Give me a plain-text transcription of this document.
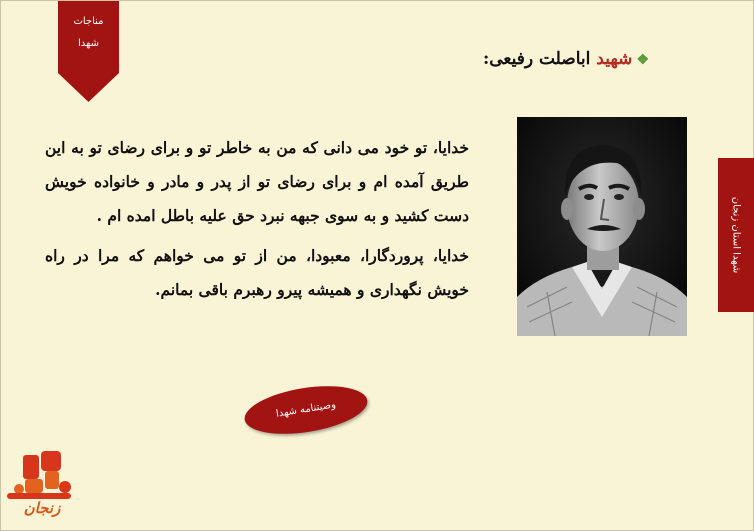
مناجات
شهدا
❖شهید اباصلت رفیعی:
شهدا استان زنجان

خدایا، تو خود می دانی که من به خاطر تو و برای رضای تو به این طریق آمده ام و برای رضای تو از پدر و مادر و خانواده خویش دست کشید و به سوی جبهه نبرد حق علیه باطل امده ام .

خدایا، پروردگارا، معبودا، من از تو می خواهم که مرا در راه خویش نگهداری و همیشه پیرو رهبرم باقی بمانم.

وصیتنامه شهدا
زنجان
